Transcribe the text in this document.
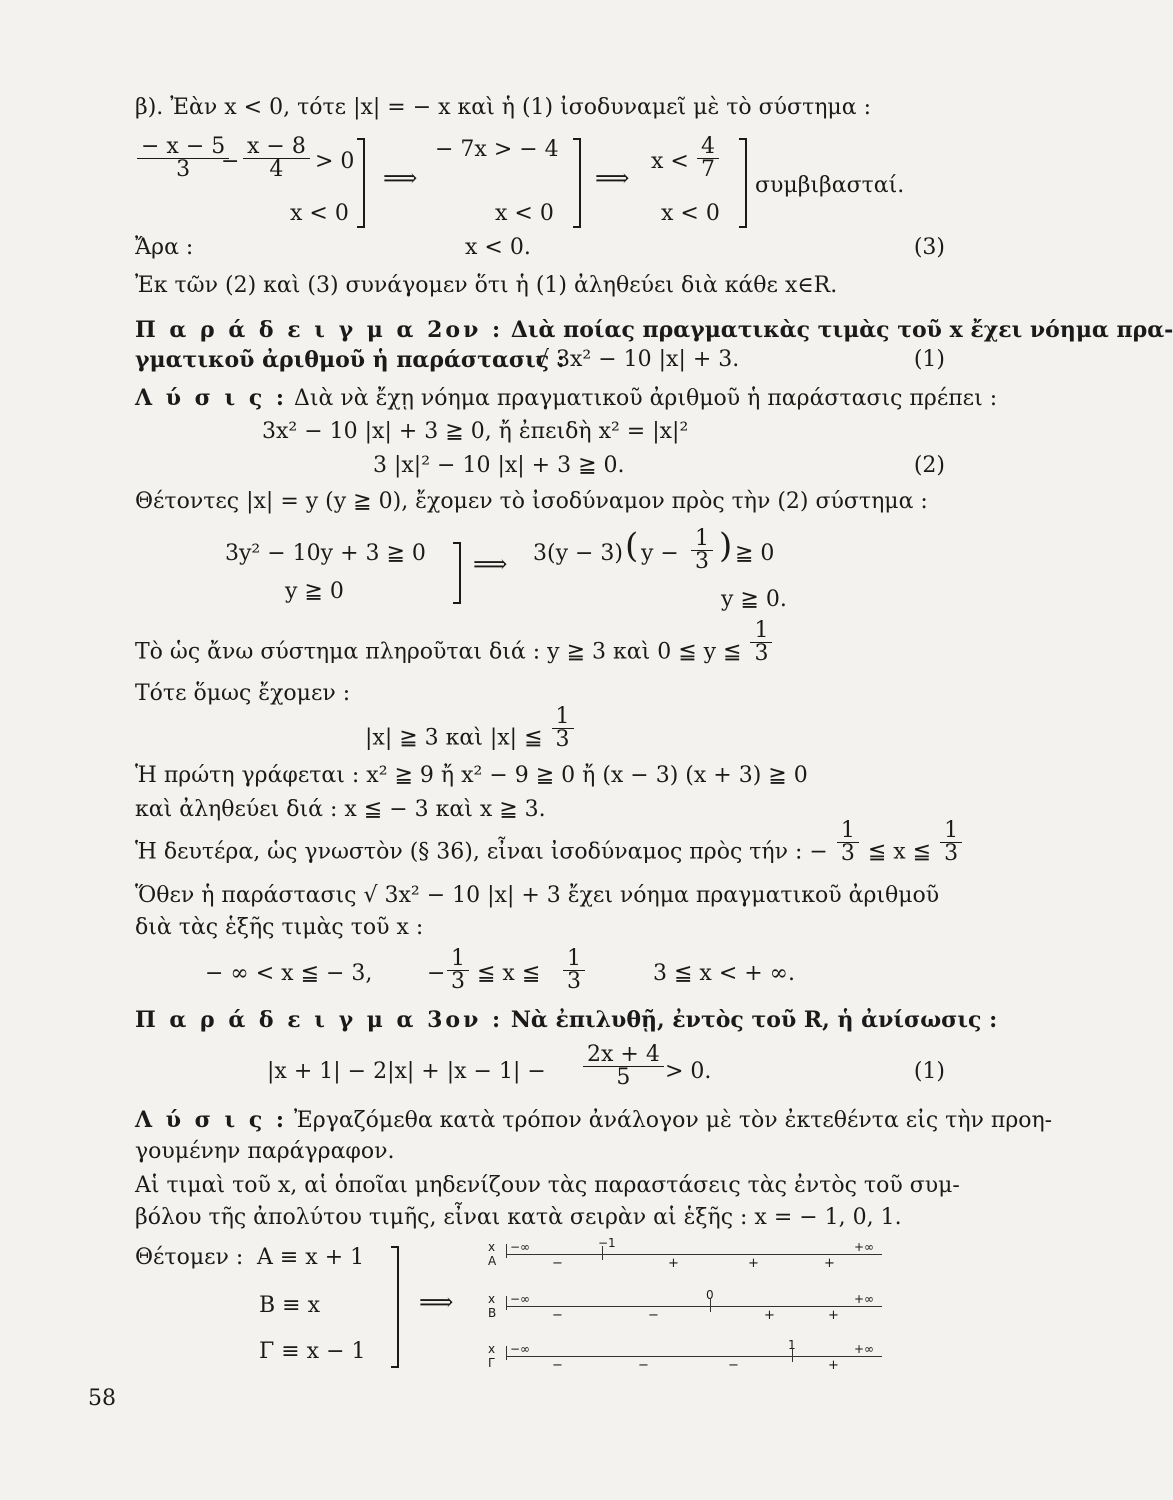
β). Ἐὰν x < 0, τότε |x| = − x καὶ ἡ (1) ἰσοδυναμεῖ μὲ τὸ σύστημα :
$\frac{- x - 5}{3}$
− $\frac{x - 8}{4} > 0$
x < 0
⟹
− 7x > − 4
x < 0
⟹
$x < \frac{4}{7}$
x < 0
συμβιβασταί.
Ἄρα :	x < 0.	(3)
Ἐκ τῶν (2) καὶ (3) συνάγομεν ὅτι ἡ (1) ἀληθεύει διὰ κάθε x∈R.
Π α ρ ά δ ε ι γ μ α 2ον : Διὰ ποίας πραγματικὰς τιμὰς τοῦ x ἔχει νόημα πρα-
γματικοῦ ἀριθμοῦ ἡ παράστασις :
√ 3x² − 10 |x| + 3.	(1)
Λ ύ σ ι ς : Διὰ νὰ ἔχῃ νόημα πραγματικοῦ ἀριθμοῦ ἡ παράστασις πρέπει :
3x² − 10 |x| + 3 ≧ 0, ἤ ἐπειδὴ x² = |x|²
3 |x|² − 10 |x| + 3 ≧ 0.	(2)
Θέτοντες |x| = y (y ≧ 0), ἔχομεν τὸ ἰσοδύναμον πρὸς τὴν (2) σύστημα :
3y² − 10y + 3 ≧ 0
y ≧ 0
⟹ 3(y − 3) ( $y - \frac{1}{3}$ ) ≧ 0
y ≧ 0.
Τὸ ὡς ἄνω σύστημα πληροῦται διά : y ≧ 3 καὶ 0 ≦ y ≦ $\frac{1}{3}$
Τότε ὅμως ἔχομεν :
|x| ≧ 3 καὶ |x| ≦ $\frac{1}{3}$
Ἡ πρώτη γράφεται : x² ≧ 9 ἤ x² − 9 ≧ 0 ἤ (x − 3) (x + 3) ≧ 0
καὶ ἀληθεύει διά : x ≦ − 3 καὶ x ≧ 3.
Ἡ δευτέρα, ὡς γνωστὸν (§ 36), εἶναι ἰσοδύναμος πρὸς τήν : − $\frac{1}{3}$ ≦ x ≦ $\frac{1}{3}$
Ὅθεν ἡ παράστασις √ 3x² − 10 |x| + 3 ἔχει νόημα πραγματικοῦ ἀριθμοῦ
διὰ τὰς ἑξῆς τιμὰς τοῦ x :
− ∞ < x ≦ − 3, − $\frac{1}{3}$ ≦ x ≦ $\frac{1}{3}$	3 ≦ x < + ∞.
Π α ρ ά δ ε ι γ μ α 3ον : Νὰ ἐπιλυθῇ, ἐντὸς τοῦ R, ἡ ἀνίσωσις :
$|x + 1| - 2|x| + |x - 1| - \frac{2x + 4}{5} > 0$.	(1)
Λ ύ σ ι ς : Ἐργαζόμεθα κατὰ τρόπον ἀνάλογον μὲ τὸν ἐκτεθέντα εἰς τὴν προη-
γουμένην παράγραφον.
Αἱ τιμαὶ τοῦ x, αἱ ὁποῖαι μηδενίζουν τὰς παραστάσεις τὰς ἐντὸς τοῦ συμ-
βόλου τῆς ἀπολύτου τιμῆς, εἶναι κατὰ σειρὰν αἱ ἑξῆς : x = − 1, 0, 1.
Θέτομεν : Α ≡ x + 1
Β ≡ x
Γ ≡ x − 1
⟹
x
Α
−∞	−1
−	+	+	+
+∞
x
Β
−∞	0
−	−	+	+
+∞
x
Γ
−∞	1
−	−	−	+
+∞
58
